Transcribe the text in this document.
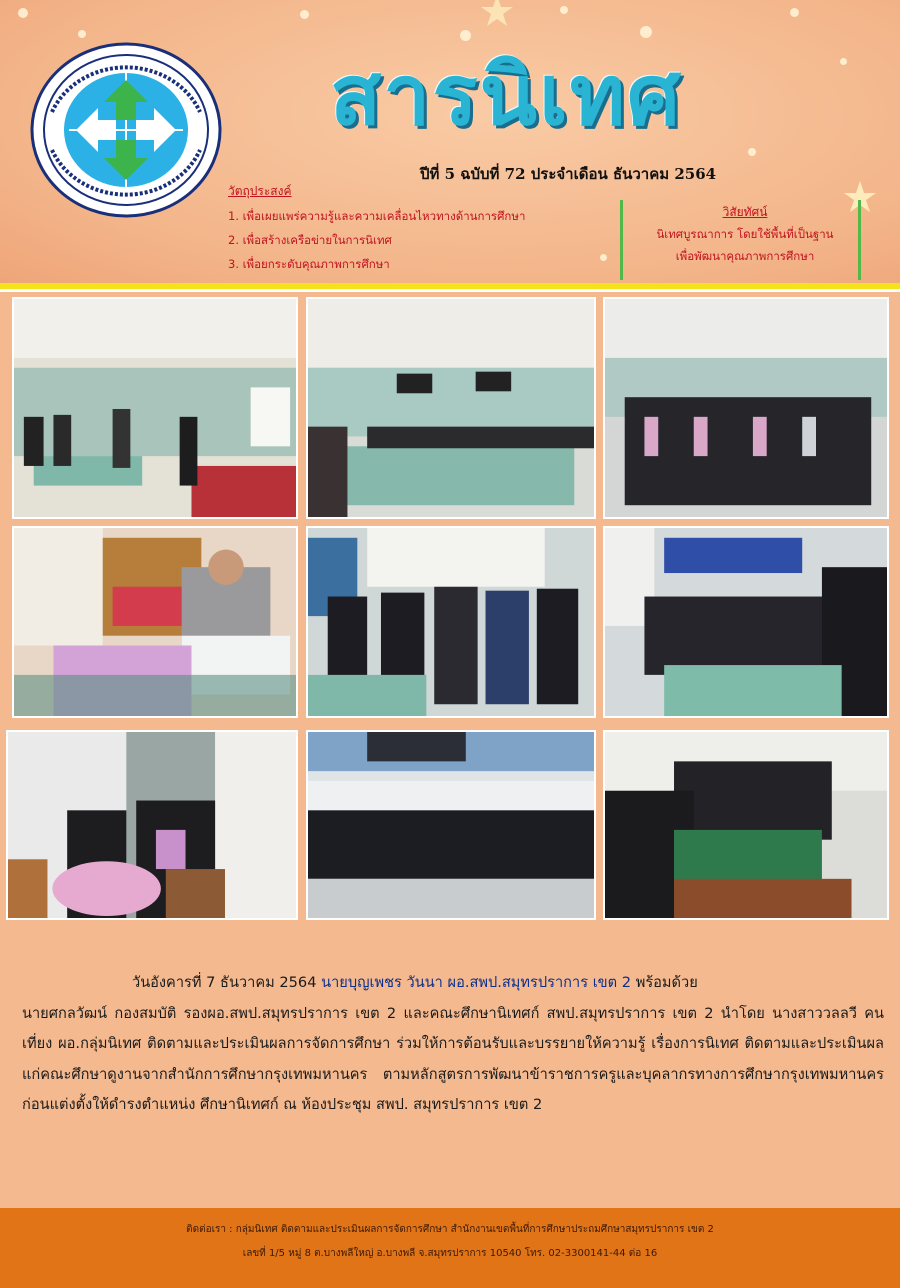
สารนิเทศ
ปีที่ 5 ฉบับที่ 72 ประจำเดือน ธันวาคม 2564
วัตถุประสงค์
1. เพื่อเผยแพร่ความรู้และความเคลื่อนไหวทางด้านการศึกษา
2. เพื่อสร้างเครือข่ายในการนิเทศ
3. เพื่อยกระดับคุณภาพการศึกษา
วิสัยทัศน์
นิเทศบูรณาการ โดยใช้พื้นที่เป็นฐาน
เพื่อพัฒนาคุณภาพการศึกษา
วันอังคารที่ 7 ธันวาคม 2564 นายบุญเพชร วันนา ผอ.สพป.สมุทรปราการ เขต 2 พร้อมด้วย
นายศกลวัฒน์ กองสมบัติ รองผอ.สพป.สมุทรปราการ เขต 2 และคณะศึกษานิเทศก์ สพป.สมุทรปราการ เขต 2 นำโดย นางสาววลลวี คนเที่ยง ผอ.กลุ่มนิเทศ ติดตามและประเมินผลการจัดการศึกษา ร่วมให้การต้อนรับและบรรยายให้ความรู้ เรื่องการนิเทศ ติดตามและประเมินผล แก่คณะศึกษาดูงานจากสำนักการศึกษากรุงเทพมหานคร ตามหลักสูตรการพัฒนาข้าราชการครูและบุคลากรทางการศึกษากรุงเทพมหานคร ก่อนแต่งตั้งให้ดำรงตำแหน่ง ศึกษานิเทศก์ ณ ห้องประชุม สพป. สมุทรปราการ เขต 2
ติดต่อเรา : กลุ่มนิเทศ ติดตามและประเมินผลการจัดการศึกษา สำนักงานเขตพื้นที่การศึกษาประถมศึกษาสมุทรปราการ เขต 2
เลขที่ 1/5 หมู่ 8 ต.บางพลีใหญ่ อ.บางพลี จ.สมุทรปราการ 10540 โทร. 02-3300141-44 ต่อ 16
